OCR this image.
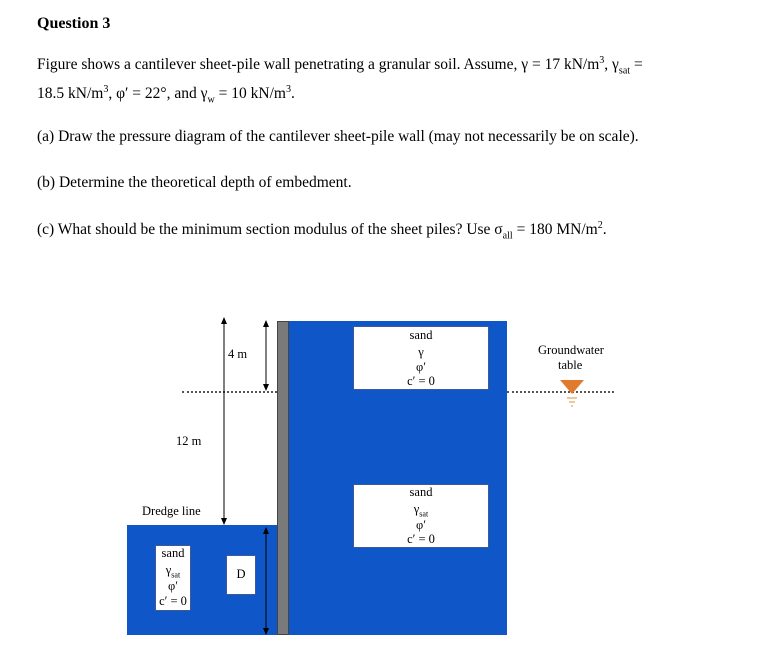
Question 3
Figure shows a cantilever sheet-pile wall penetrating a granular soil. Assume, γ = 17 $kN/m^3$, $\gamma_{sat}$ =
18.5 $kN/m^3$, φ′ = 22°, and $\gamma_w = 10$ $kN/m^3$.
(a) Draw the pressure diagram of the cantilever sheet-pile wall (may not necessarily be on scale).
(b) Determine the theoretical depth of embedment.
(c) What should be the minimum section modulus of the sheet piles? Use $\sigma_{all} = 180$ $MN/m^2$.
4 m
12 m
Dredge line
D
sand
γ
φ′
c′ = 0
sand
$\gamma_{sat}$
φ′
c′ = 0
sand
$\gamma_{sat}$
φ′
c′ = 0
Groundwater
table
